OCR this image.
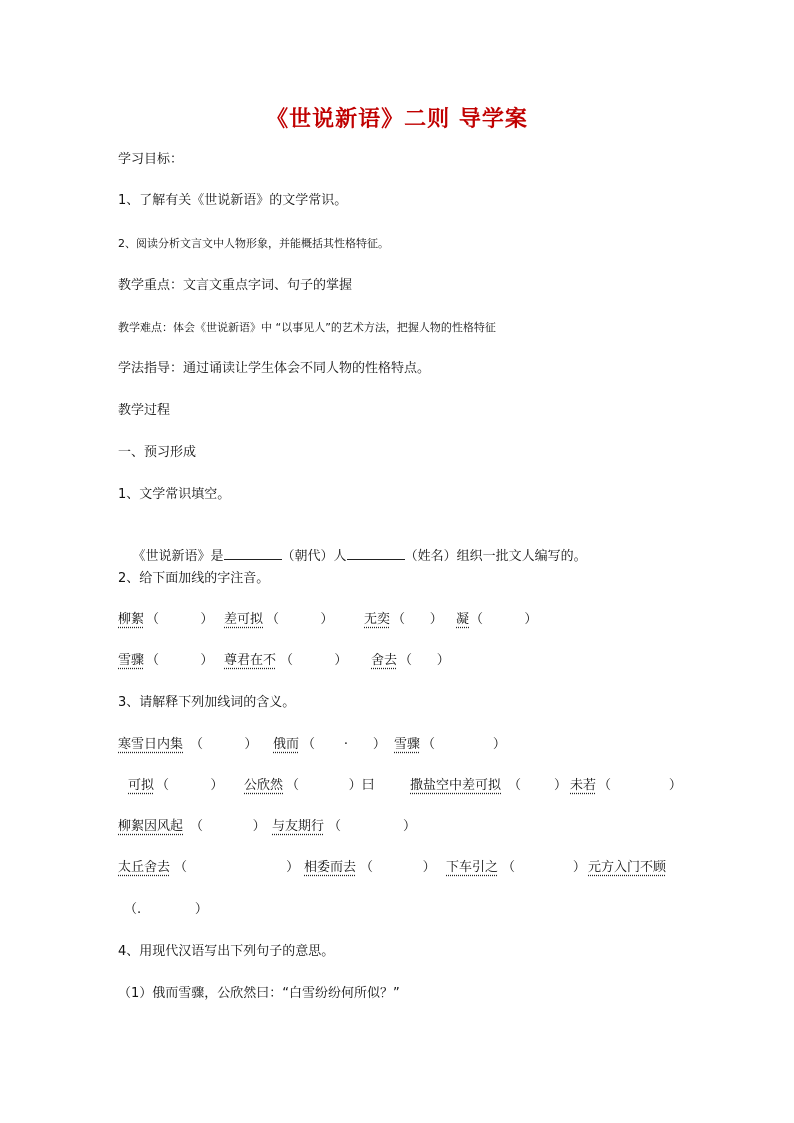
《世说新语》二则 导学案
学习目标：
1、了解有关《世说新语》的文学常识。
2、阅读分析文言文中人物形象，并能概括其性格特征。
教学重点：文言文重点字词、句子的掌握
教学难点：体会《世说新语》中 “以事见人”的艺术方法，把握人物的性格特征
学法指导：通过诵读让学生体会不同人物的性格特点。
教学过程
一、预习形成
1、文学常识填空。

《世说新语》是	（朝代）人	（姓名）组织一批文人编写的。

2、给下面加线的字注音。
柳絮 （          ） 差可拟 （          ） 无奕 （      ） 凝 （          ）
雪骤 （          ） 尊君在不 （          ） 舍去 （      ）
3、请解释下列加线词的含义。
寒雪日内集 （          ） 俄而 （       ·      ） 雪骤 （              ）
可拟 （          ） 公欣然 （            ）曰	撒盐空中差可拟 （        ） 未若 （              ）
柳絮因风起 （            ） 与友期行 （               ）
太丘舍去 （                        ） 相委而去 （            ） 下车引之 （              ） 元方入门不顾
（.             ）
4、用现代汉语写出下列句子的意思。
（1）俄而雪骤，公欣然曰：“白雪纷纷何所似？”
